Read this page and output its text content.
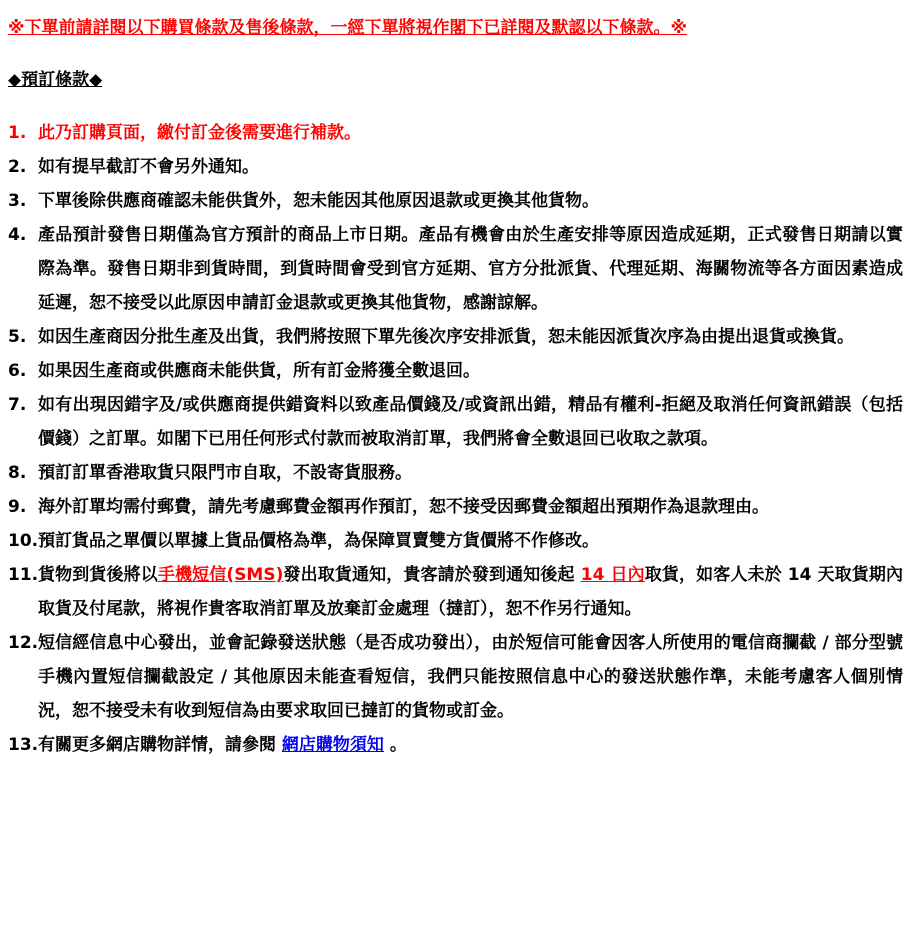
※下單前請詳閱以下購買條款及售後條款，一經下單將視作閣下已詳閱及默認以下條款。※
◆預訂條款◆
1. 此乃訂購頁面，繳付訂金後需要進行補款。
2. 如有提早截訂不會另外通知。
3. 下單後除供應商確認未能供貨外，恕未能因其他原因退款或更換其他貨物。
4. 產品預計發售日期僅為官方預計的商品上市日期。產品有機會由於生產安排等原因造成延期，正式發售日期請以實際為準。發售日期非到貨時間，到貨時間會受到官方延期、官方分批派貨、代理延期、海關物流等各方面因素造成延遲，恕不接受以此原因申請訂金退款或更換其他貨物，感謝諒解。
5. 如因生產商因分批生產及出貨，我們將按照下單先後次序安排派貨，恕未能因派貨次序為由提出退貨或換貨。
6. 如果因生產商或供應商未能供貨，所有訂金將獲全數退回。
7. 如有出現因錯字及/或供應商提供錯資料以致產品價錢及/或資訊出錯，精品有權利-拒絕及取消任何資訊錯誤（包括價錢）之訂單。如閣下已用任何形式付款而被取消訂單，我們將會全數退回已收取之款項。
8. 預訂訂單香港取貨只限門市自取，不設寄貨服務。
9. 海外訂單均需付郵費，請先考慮郵費金額再作預訂，恕不接受因郵費金額超出預期作為退款理由。
10. 預訂貨品之單價以單據上貨品價格為準，為保障買賣雙方貨價將不作修改。
11. 貨物到貨後將以手機短信(SMS)發出取貨通知，貴客請於發到通知後起 14 日內取貨，如客人未於 14 天取貨期內取貨及付尾款，將視作貴客取消訂單及放棄訂金處理（撻訂），恕不作另行通知。
12. 短信經信息中心發出，並會記錄發送狀態（是否成功發出），由於短信可能會因客人所使用的電信商攔截 / 部分型號手機內置短信攔截設定 / 其他原因未能查看短信，我們只能按照信息中心的發送狀態作準，未能考慮客人個別情況，恕不接受未有收到短信為由要求取回已撻訂的貨物或訂金。
13. 有關更多網店購物詳情，請參閱 網店購物須知 。
